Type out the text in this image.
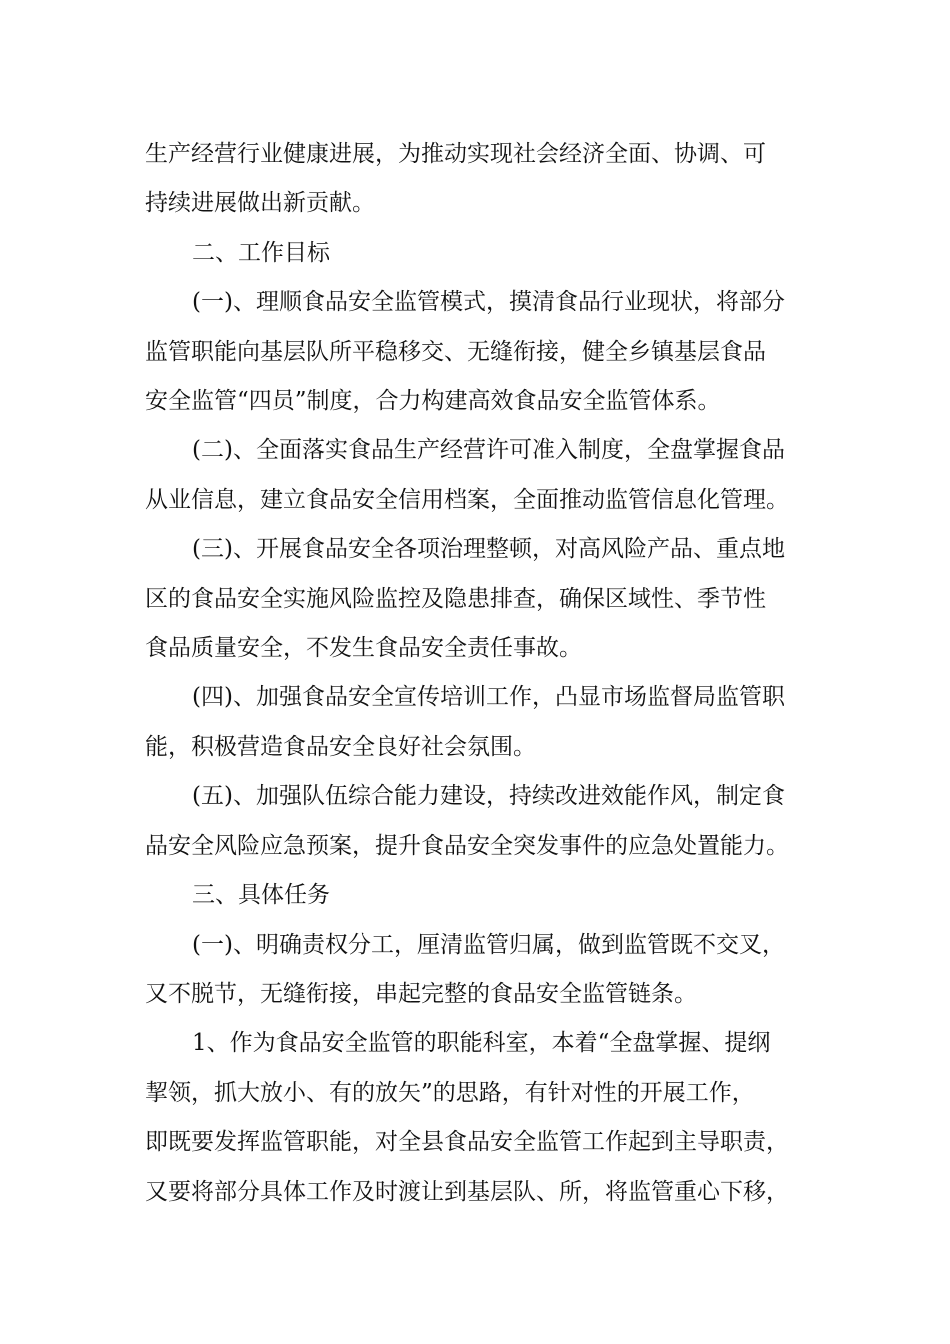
生产经营行业健康进展，为推动实现社会经济全面、协调、可
持续进展做出新贡献。
二、工作目标
(一)、理顺食品安全监管模式，摸清食品行业现状，将部分
监管职能向基层队所平稳移交、无缝衔接，健全乡镇基层食品
安全监管“四员”制度，合力构建高效食品安全监管体系。
(二)、全面落实食品生产经营许可准入制度，全盘掌握食品
从业信息，建立食品安全信用档案，全面推动监管信息化管理。
(三)、开展食品安全各项治理整顿，对高风险产品、重点地
区的食品安全实施风险监控及隐患排查，确保区域性、季节性
食品质量安全，不发生食品安全责任事故。
(四)、加强食品安全宣传培训工作，凸显市场监督局监管职
能，积极营造食品安全良好社会氛围。
(五)、加强队伍综合能力建设，持续改进效能作风，制定食
品安全风险应急预案，提升食品安全突发事件的应急处置能力。
三、具体任务
(一)、明确责权分工，厘清监管归属，做到监管既不交叉，
又不脱节，无缝衔接，串起完整的食品安全监管链条。
1、作为食品安全监管的职能科室，本着“全盘掌握、提纲
挈领，抓大放小、有的放矢”的思路，有针对性的开展工作，
即既要发挥监管职能，对全县食品安全监管工作起到主导职责，
又要将部分具体工作及时渡让到基层队、所，将监管重心下移，
